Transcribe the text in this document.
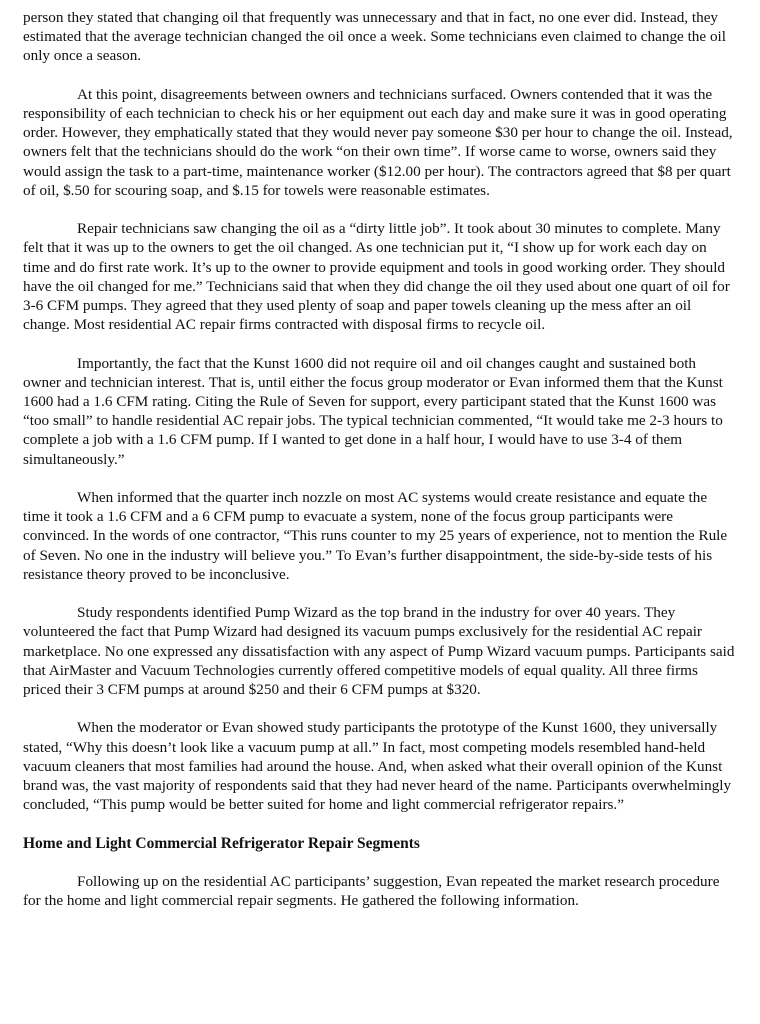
person they stated that changing oil that frequently was unnecessary and that in fact, no one ever did. Instead, they estimated that the average technician changed the oil once a week. Some technicians even claimed to change the oil only once a season.

At this point, disagreements between owners and technicians surfaced. Owners contended that it was the responsibility of each technician to check his or her equipment out each day and make sure it was in good operating order. However, they emphatically stated that they would never pay someone $30 per hour to change the oil. Instead, owners felt that the technicians should do the work “on their own time”. If worse came to worse, owners said they would assign the task to a part-time, maintenance worker ($12.00 per hour). The contractors agreed that $8 per quart of oil, $.50 for scouring soap, and $.15 for towels were reasonable estimates.

Repair technicians saw changing the oil as a “dirty little job”. It took about 30 minutes to complete. Many felt that it was up to the owners to get the oil changed. As one technician put it, “I show up for work each day on time and do first rate work. It’s up to the owner to provide equipment and tools in good working order. They should have the oil changed for me.” Technicians said that when they did change the oil they used about one quart of oil for 3-6 CFM pumps. They agreed that they used plenty of soap and paper towels cleaning up the mess after an oil change. Most residential AC repair firms contracted with disposal firms to recycle oil.

Importantly, the fact that the Kunst 1600 did not require oil and oil changes caught and sustained both owner and technician interest. That is, until either the focus group moderator or Evan informed them that the Kunst 1600 had a 1.6 CFM rating. Citing the Rule of Seven for support, every participant stated that the Kunst 1600 was “too small” to handle residential AC repair jobs. The typical technician commented, “It would take me 2-3 hours to complete a job with a 1.6 CFM pump. If I wanted to get done in a half hour, I would have to use 3-4 of them simultaneously.”

When informed that the quarter inch nozzle on most AC systems would create resistance and equate the time it took a 1.6 CFM and a 6 CFM pump to evacuate a system, none of the focus group participants were convinced. In the words of one contractor, “This runs counter to my 25 years of experience, not to mention the Rule of Seven. No one in the industry will believe you.” To Evan’s further disappointment, the side-by-side tests of his resistance theory proved to be inconclusive.

Study respondents identified Pump Wizard as the top brand in the industry for over 40 years. They volunteered the fact that Pump Wizard had designed its vacuum pumps exclusively for the residential AC repair marketplace. No one expressed any dissatisfaction with any aspect of Pump Wizard vacuum pumps. Participants said that AirMaster and Vacuum Technologies currently offered competitive models of equal quality. All three firms priced their 3 CFM pumps at around $250 and their 6 CFM pumps at $320.

When the moderator or Evan showed study participants the prototype of the Kunst 1600, they universally stated, “Why this doesn’t look like a vacuum pump at all.” In fact, most competing models resembled hand-held vacuum cleaners that most families had around the house. And, when asked what their overall opinion of the Kunst brand was, the vast majority of respondents said that they had never heard of the name. Participants overwhelmingly concluded, “This pump would be better suited for home and light commercial refrigerator repairs.”

Home and Light Commercial Refrigerator Repair Segments

Following up on the residential AC participants’ suggestion, Evan repeated the market research procedure for the home and light commercial repair segments. He gathered the following information.
